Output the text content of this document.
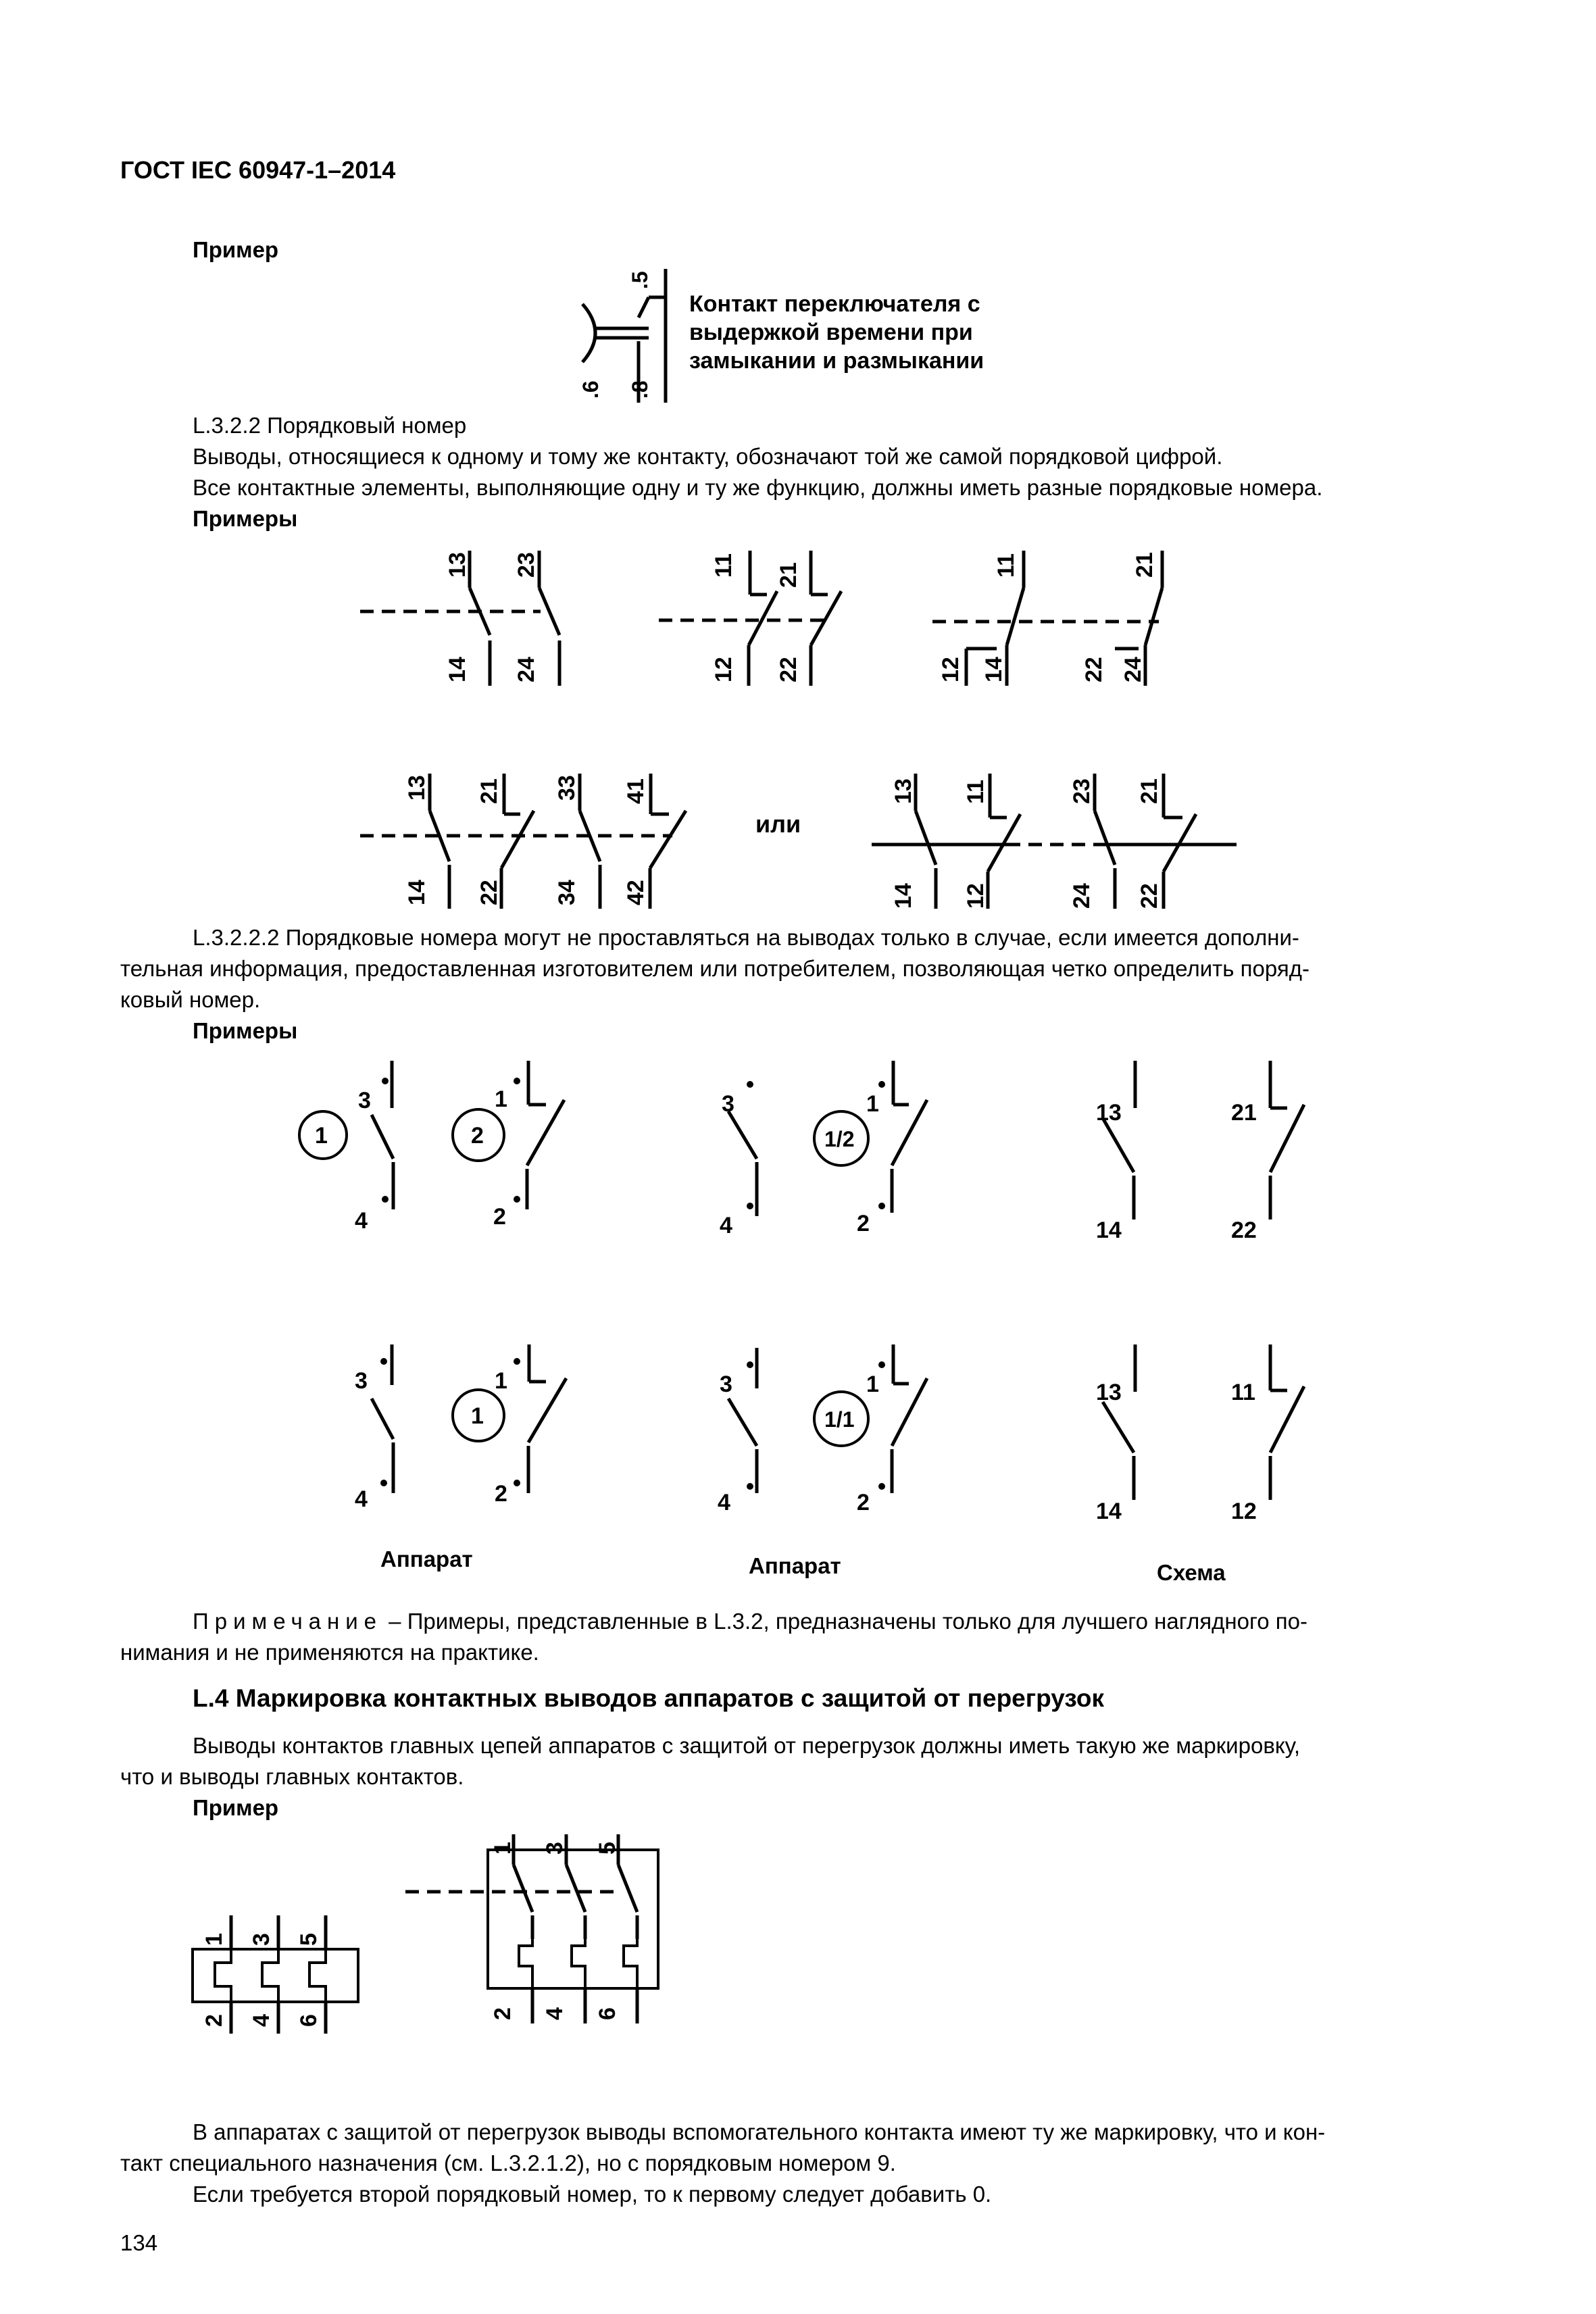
ГОСТ IEC 60947-1–2014
Пример
Контакт переключателя с
выдержкой времени при
замыкании и размыкании
L.3.2.2 Порядковый номер
Выводы, относящиеся к одному и тому же контакту, обозначают той же самой порядковой цифрой.
Все контактные элементы, выполняющие одну и ту же функцию, должны иметь разные порядковые номера.
Примеры
или
L.3.2.2.2 Порядковые номера могут не проставляться на выводах только в случае, если имеется дополни-
тельная информация, предоставленная изготовителем или потребителем, позволяющая четко определить поряд-
ковый номер.
Примеры
Аппарат	Аппарат	Схема
Примечание – Примеры, представленные в L.3.2, предназначены только для лучшего наглядного по-
нимания и не применяются на практике.
L.4 Маркировка контактных выводов аппаратов с защитой от перегрузок
Выводы контактов главных цепей аппаратов с защитой от перегрузок должны иметь такую же маркировку,
что и выводы главных контактов.
Пример
В аппаратах с защитой от перегрузок выводы вспомогательного контакта имеют ту же маркировку, что и кон-
такт специального назначения (см. L.3.2.1.2), но с порядковым номером 9.
Если требуется второй порядковый номер, то к первому следует добавить 0.
134
.5
.6 .8
13 23
14 24
11 21
12 22
11	21
12 14	22 24
13 21 33 41
14 22 34 42
13 11	23 21
14 12	24 22
3
4
1
1
2
2
3
4
1
2
1/2
13
14
21
22
3
4
1
2
1
3
4
1
2
1/1
13
14
11
12
1 3 5
2 4 6
1 3 5
2 4 6
